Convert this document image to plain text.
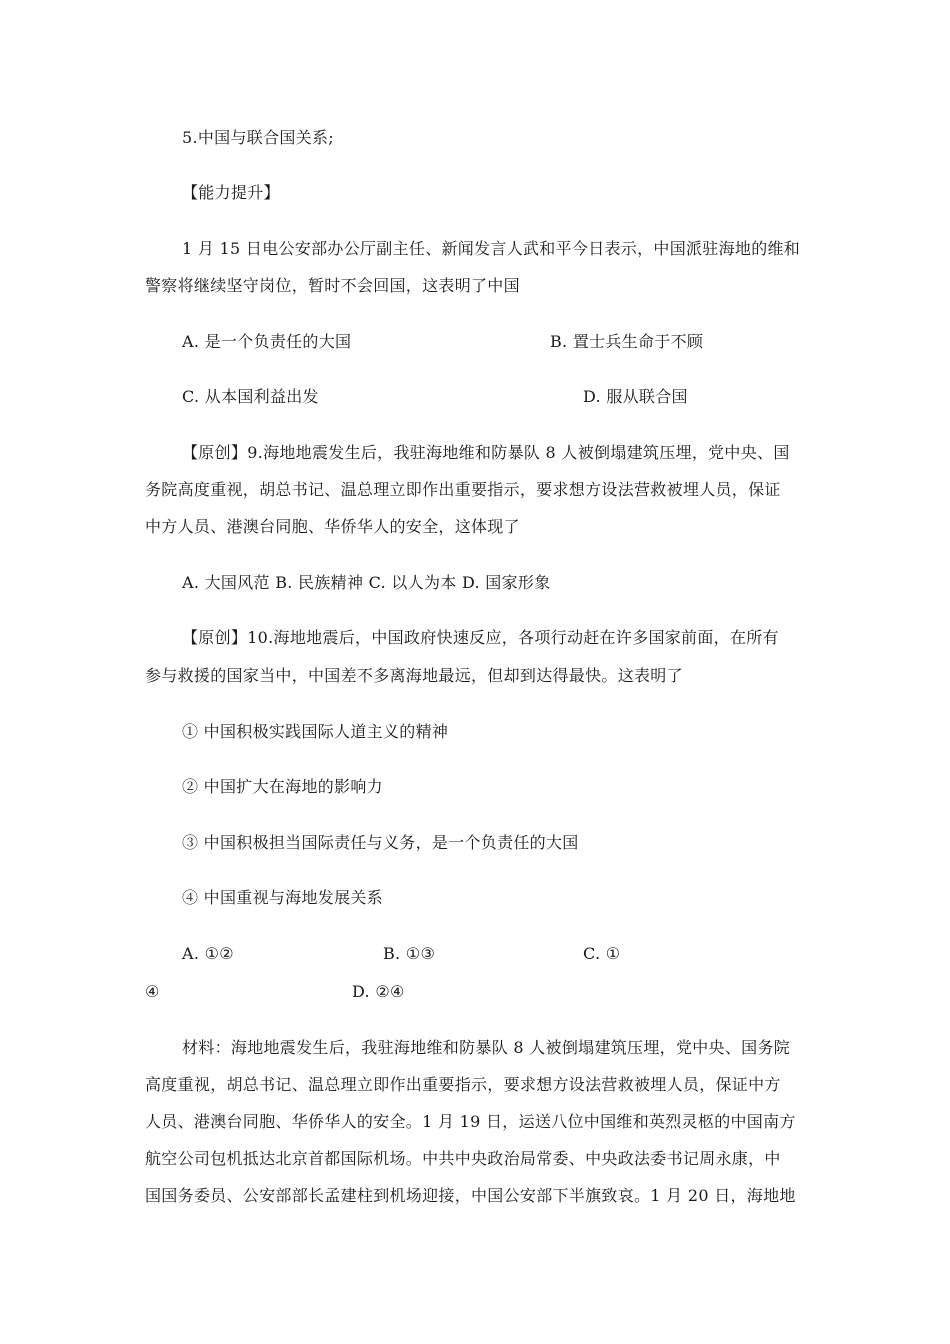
5.中国与联合国关系;
【能力提升】
1 月 15 日电公安部办公厅副主任、新闻发言人武和平今日表示，中国派驻海地的维和
警察将继续坚守岗位，暂时不会回国，这表明了中国
A. 是一个负责任的大国	B. 置士兵生命于不顾
C. 从本国利益出发	D. 服从联合国
【原创】9.海地地震发生后，我驻海地维和防暴队 8 人被倒塌建筑压埋，党中央、国
务院高度重视，胡总书记、温总理立即作出重要指示，要求想方设法营救被埋人员，保证
中方人员、港澳台同胞、华侨华人的安全，这体现了
A. 大国风范 B. 民族精神 C. 以人为本 D. 国家形象
【原创】10.海地地震后，中国政府快速反应，各项行动赶在许多国家前面，在所有
参与救援的国家当中，中国差不多离海地最远，但却到达得最快。这表明了
① 中国积极实践国际人道主义的精神
② 中国扩大在海地的影响力
③ 中国积极担当国际责任与义务，是一个负责任的大国
④ 中国重视与海地发展关系
A. ①②	B. ①③	C. ①
④	D. ②④
材料：海地地震发生后，我驻海地维和防暴队 8 人被倒塌建筑压埋，党中央、国务院
高度重视，胡总书记、温总理立即作出重要指示，要求想方设法营救被埋人员，保证中方
人员、港澳台同胞、华侨华人的安全。1 月 19 日，运送八位中国维和英烈灵柩的中国南方
航空公司包机抵达北京首都国际机场。中共中央政治局常委、中央政法委书记周永康，中
国国务委员、公安部部长孟建柱到机场迎接，中国公安部下半旗致哀。1 月 20 日，海地地
